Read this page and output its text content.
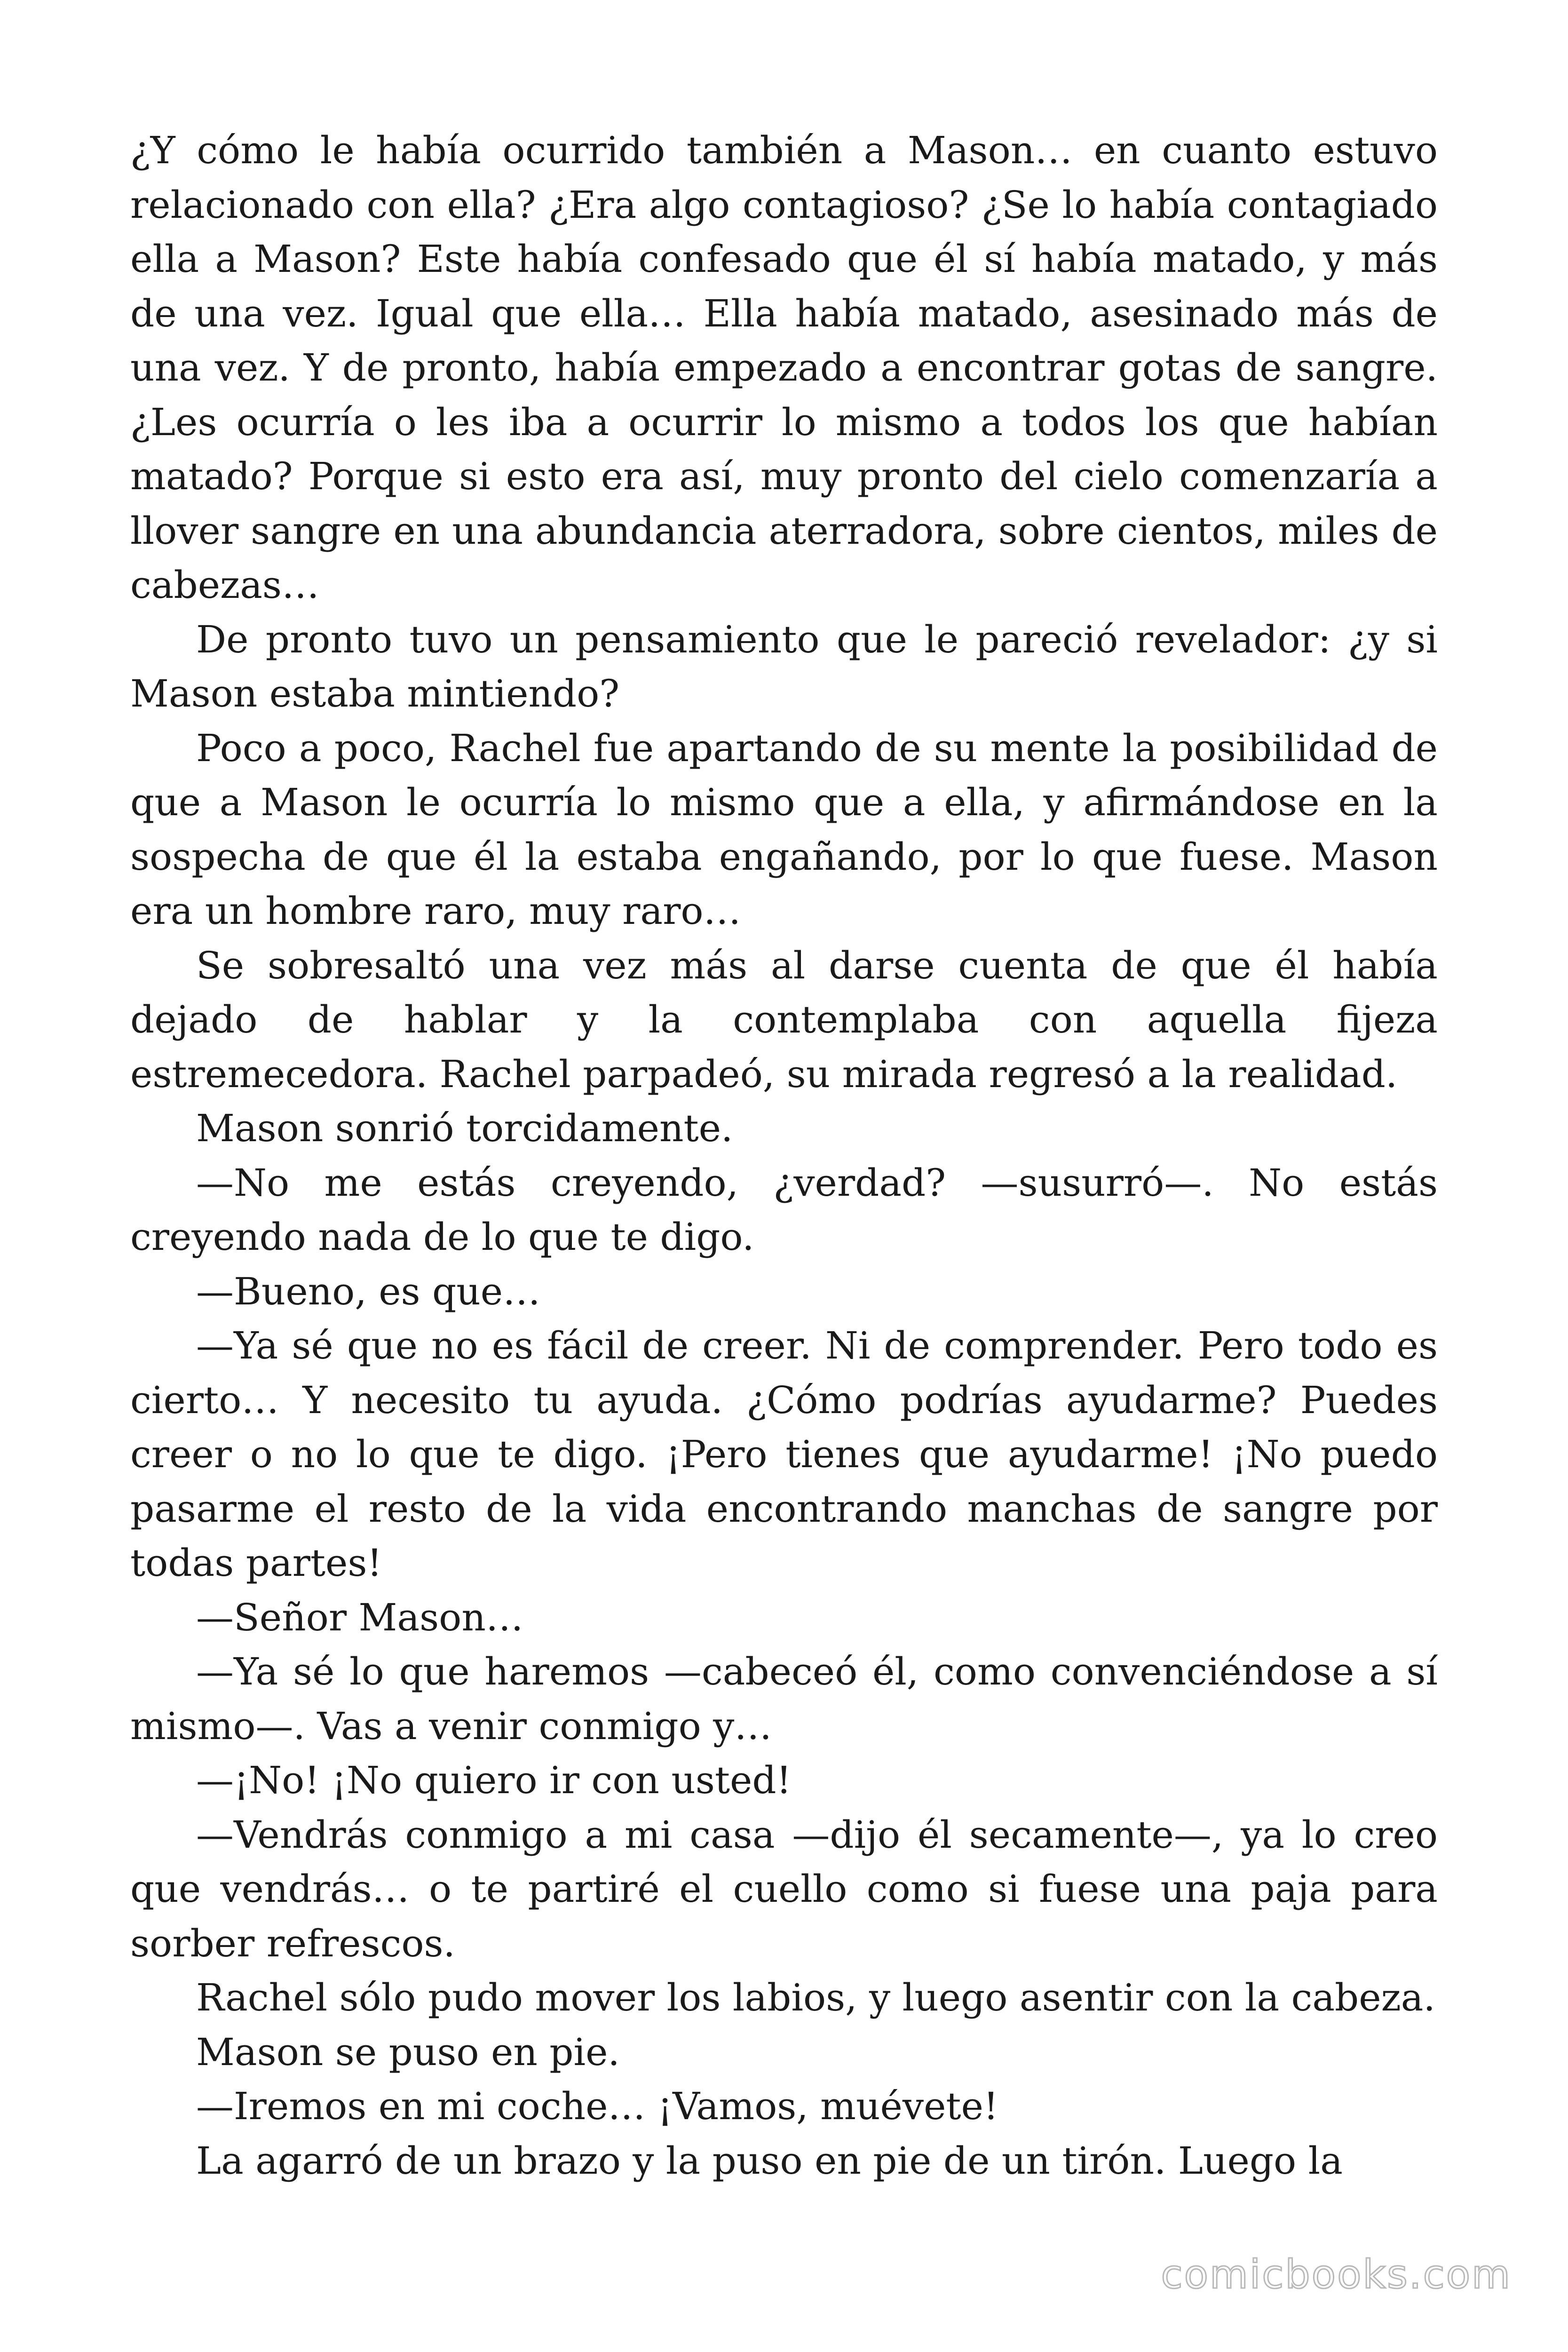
¿Y cómo le había ocurrido también a Mason… en cuanto estuvo relacionado con ella? ¿Era algo contagioso? ¿Se lo había contagiado ella a Mason? Este había confesado que él sí había matado, y más de una vez. Igual que ella… Ella había matado, asesinado más de una vez. Y de pronto, había empezado a encontrar gotas de sangre. ¿Les ocurría o les iba a ocurrir lo mismo a todos los que habían matado? Porque si esto era así, muy pronto del cielo comenzaría a llover sangre en una abundancia aterradora, sobre cientos, miles de cabezas…

De pronto tuvo un pensamiento que le pareció revelador: ¿y si Mason estaba mintiendo?

Poco a poco, Rachel fue apartando de su mente la posibilidad de que a Mason le ocurría lo mismo que a ella, y afirmándose en la sospecha de que él la estaba engañando, por lo que fuese. Mason era un hombre raro, muy raro…

Se sobresaltó una vez más al darse cuenta de que él había dejado de hablar y la contemplaba con aquella fijeza estremecedora. Rachel parpadeó, su mirada regresó a la realidad.

Mason sonrió torcidamente.

—No me estás creyendo, ¿verdad? —susurró—. No estás creyendo nada de lo que te digo.

—Bueno, es que…

—Ya sé que no es fácil de creer. Ni de comprender. Pero todo es cierto… Y necesito tu ayuda. ¿Cómo podrías ayudarme? Puedes creer o no lo que te digo. ¡Pero tienes que ayudarme! ¡No puedo pasarme el resto de la vida encontrando manchas de sangre por todas partes!

—Señor Mason…

—Ya sé lo que haremos —cabeceó él, como convenciéndose a sí mismo—. Vas a venir conmigo y…

—¡No! ¡No quiero ir con usted!

—Vendrás conmigo a mi casa —dijo él secamente—, ya lo creo que vendrás… o te partiré el cuello como si fuese una paja para sorber refrescos.

Rachel sólo pudo mover los labios, y luego asentir con la cabeza.

Mason se puso en pie.

—Iremos en mi coche… ¡Vamos, muévete!

La agarró de un brazo y la puso en pie de un tirón. Luego la

comicbooks.com
